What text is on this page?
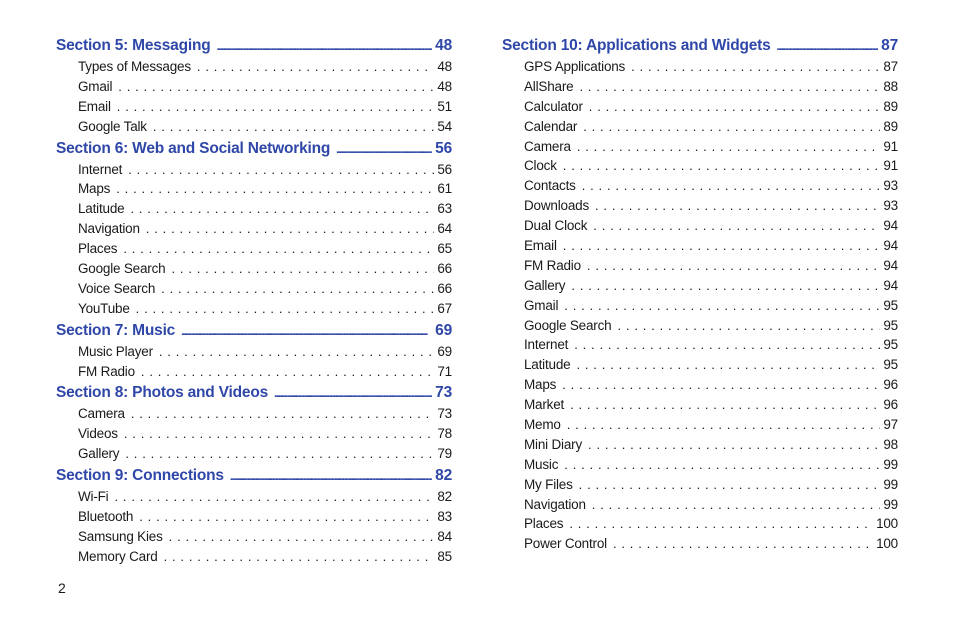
Section 5: Messaging .....	48
Types of Messages . . .	48
Gmail . . .	48
Email . . .	51
Google Talk . . .	54
Section 6: Web and Social Networking .....	56
Internet . . .	56
Maps . . .	61
Latitude . . .	63
Navigation . . .	64
Places . . .	65
Google Search . . .	66
Voice Search . . .	66
YouTube . . .	67
Section 7: Music .....	69
Music Player . . .	69
FM Radio . . .	71
Section 8: Photos and Videos .....	73
Camera . . .	73
Videos . . .	78
Gallery . . .	79
Section 9: Connections .....	82
Wi-Fi . . .	82
Bluetooth . . .	83
Samsung Kies . . .	84
Memory Card . . .	85
Section 10: Applications and Widgets .....	87
GPS Applications . . .	87
AllShare . . .	88
Calculator . . .	89
Calendar . . .	89
Camera . . .	91
Clock . . .	91
Contacts . . .	93
Downloads . . .	93
Dual Clock . . .	94
Email . . .	94
FM Radio . . .	94
Gallery . . .	94
Gmail . . .	95
Google Search . . .	95
Internet . . .	95
Latitude . . .	95
Maps . . .	96
Market . . .	96
Memo . . .	97
Mini Diary . . .	98
Music . . .	99
My Files . . .	99
Navigation . . .	99
Places . . .	100
Power Control . . .	100
2
